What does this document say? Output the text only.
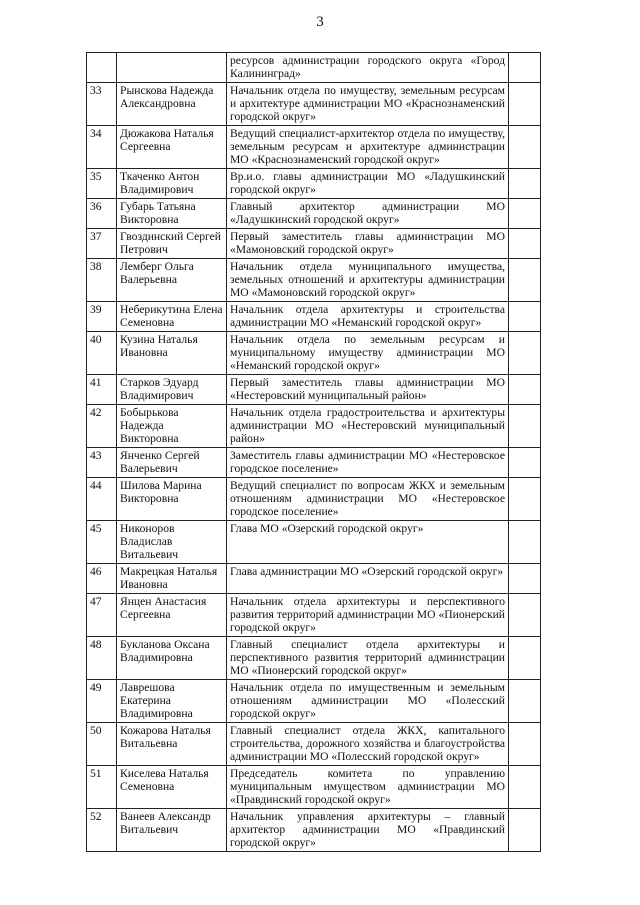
3
		ресурсов администрации городского округа «Город Калининград»	
33	Рынскова Надежда Александровна	Начальник отдела по имуществу, земельным ресурсам и архитектуре администрации МО «Краснознаменский городской округ»	
34	Дюжакова Наталья Сергеевна	Ведущий специалист-архитектор отдела по имуществу, земельным ресурсам и архитектуре администрации МО «Краснознаменский городской округ»	
35	Ткаченко Антон Владимирович	Вр.и.о. главы администрации МО «Ладушкинский городской округ»	
36	Губарь Татьяна Викторовна	Главный архитектор администрации МО «Ладушкинский городской округ»	
37	Гвоздинский Сергей Петрович	Первый заместитель главы администрации МО «Мамоновский городской округ»	
38	Лемберг Ольга Валерьевна	Начальник отдела муниципального имущества, земельных отношений и архитектуры администрации МО «Мамоновский городской округ»	
39	Неберикутина Елена Семеновна	Начальник отдела архитектуры и строительства администрации МО «Неманский городской округ»	
40	Кузина Наталья Ивановна	Начальник отдела по земельным ресурсам и муниципальному имуществу администрации МО «Неманский городской округ»	
41	Старков Эдуард Владимирович	Первый заместитель главы администрации МО «Нестеровский муниципальный район»	
42	Бобырькова Надежда Викторовна	Начальник отдела градостроительства и архитектуры администрации МО «Нестеровский муниципальный район»	
43	Янченко Сергей Валерьевич	Заместитель главы администрации МО «Нестеровское городское поселение»	
44	Шилова Марина Викторовна	Ведущий специалист по вопросам ЖКХ и земельным отношениям администрации МО «Нестеровское городское поселение»	
45	Никоноров Владислав Витальевич	Глава МО «Озерский городской округ»	
46	Макрецкая Наталья Ивановна	Глава администрации МО «Озерский городской округ»	
47	Янцен Анастасия Сергеевна	Начальник отдела архитектуры и перспективного развития территорий администрации МО «Пионерский городской округ»	
48	Букланова Оксана Владимировна	Главный специалист отдела архитектуры и перспективного развития территорий администрации МО «Пионерский городской округ»	
49	Лаврешова Екатерина Владимировна	Начальник отдела по имущественным и земельным отношениям администрации МО «Полесский городской округ»	
50	Кожарова Наталья Витальевна	Главный специалист отдела ЖКХ, капитального строительства, дорожного хозяйства и благоустройства администрации МО «Полесский городской округ»	
51	Киселева Наталья Семеновна	Председатель комитета по управлению муниципальным имуществом администрации МО «Правдинский городской округ»	
52	Ванеев Александр Витальевич	Начальник управления архитектуры – главный архитектор администрации МО «Правдинский городской округ»	
